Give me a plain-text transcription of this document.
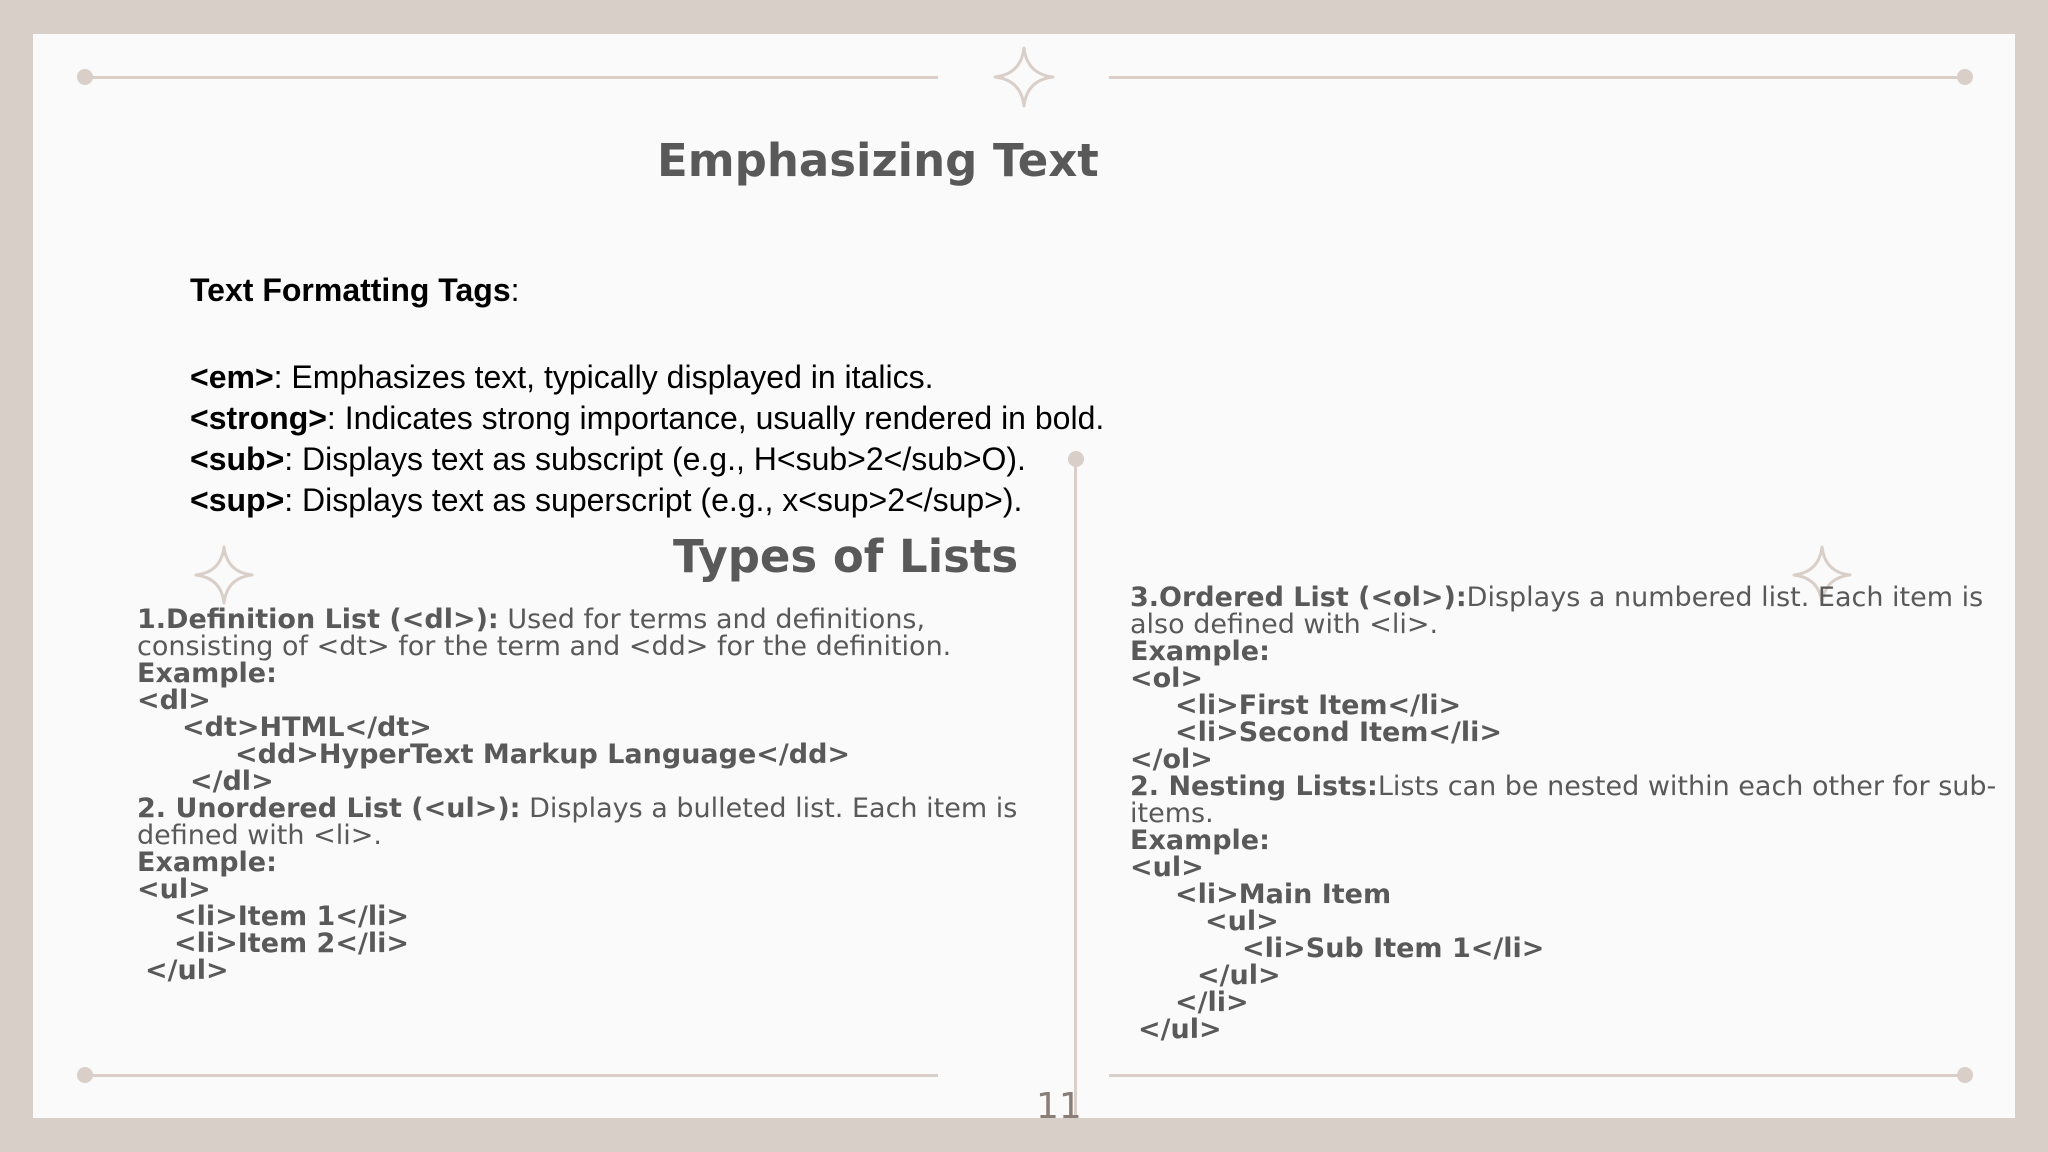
Emphasizing Text
Text Formatting Tags:
<em>: Emphasizes text, typically displayed in italics.
<strong>: Indicates strong importance, usually rendered in bold.
<sub>: Displays text as subscript (e.g., H<sub>2</sub>O).
<sup>: Displays text as superscript (e.g., x<sup>2</sup>).
Types of Lists
1.Definition List (<dl>): Used for terms and definitions,
consisting of <dt> for the term and <dd> for the definition.
Example:
<dl>
<dt>HTML</dt>
<dd>HyperText Markup Language</dd>
</dl>
2. Unordered List (<ul>): Displays a bulleted list. Each item is
defined with <li>.
Example:
<ul>
<li>Item 1</li>
<li>Item 2</li>
</ul>
3.Ordered List (<ol>):Displays a numbered list. Each item is
also defined with <li>.
Example:
<ol>
<li>First Item</li>
<li>Second Item</li>
</ol>
2. Nesting Lists:Lists can be nested within each other for sub-
items.
Example:
<ul>
<li>Main Item
<ul>
<li>Sub Item 1</li>
</ul>
</li>
</ul>
11
